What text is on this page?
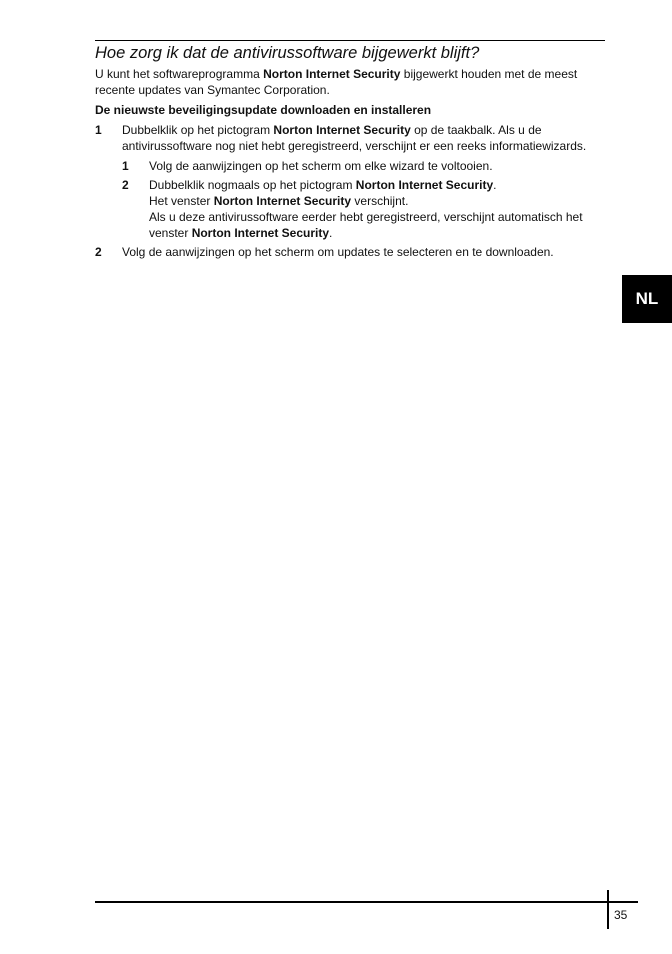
Hoe zorg ik dat de antivirussoftware bijgewerkt blijft?
U kunt het softwareprogramma Norton Internet Security bijgewerkt houden met de meest recente updates van Symantec Corporation.
De nieuwste beveiligingsupdate downloaden en installeren
1 Dubbelklik op het pictogram Norton Internet Security op de taakbalk. Als u de antivirussoftware nog niet hebt geregistreerd, verschijnt er een reeks informatiewizards.
1 Volg de aanwijzingen op het scherm om elke wizard te voltooien.
2 Dubbelklik nogmaals op het pictogram Norton Internet Security.
Het venster Norton Internet Security verschijnt.
Als u deze antivirussoftware eerder hebt geregistreerd, verschijnt automatisch het venster Norton Internet Security.
2 Volg de aanwijzingen op het scherm om updates te selecteren en te downloaden.
NL
35
